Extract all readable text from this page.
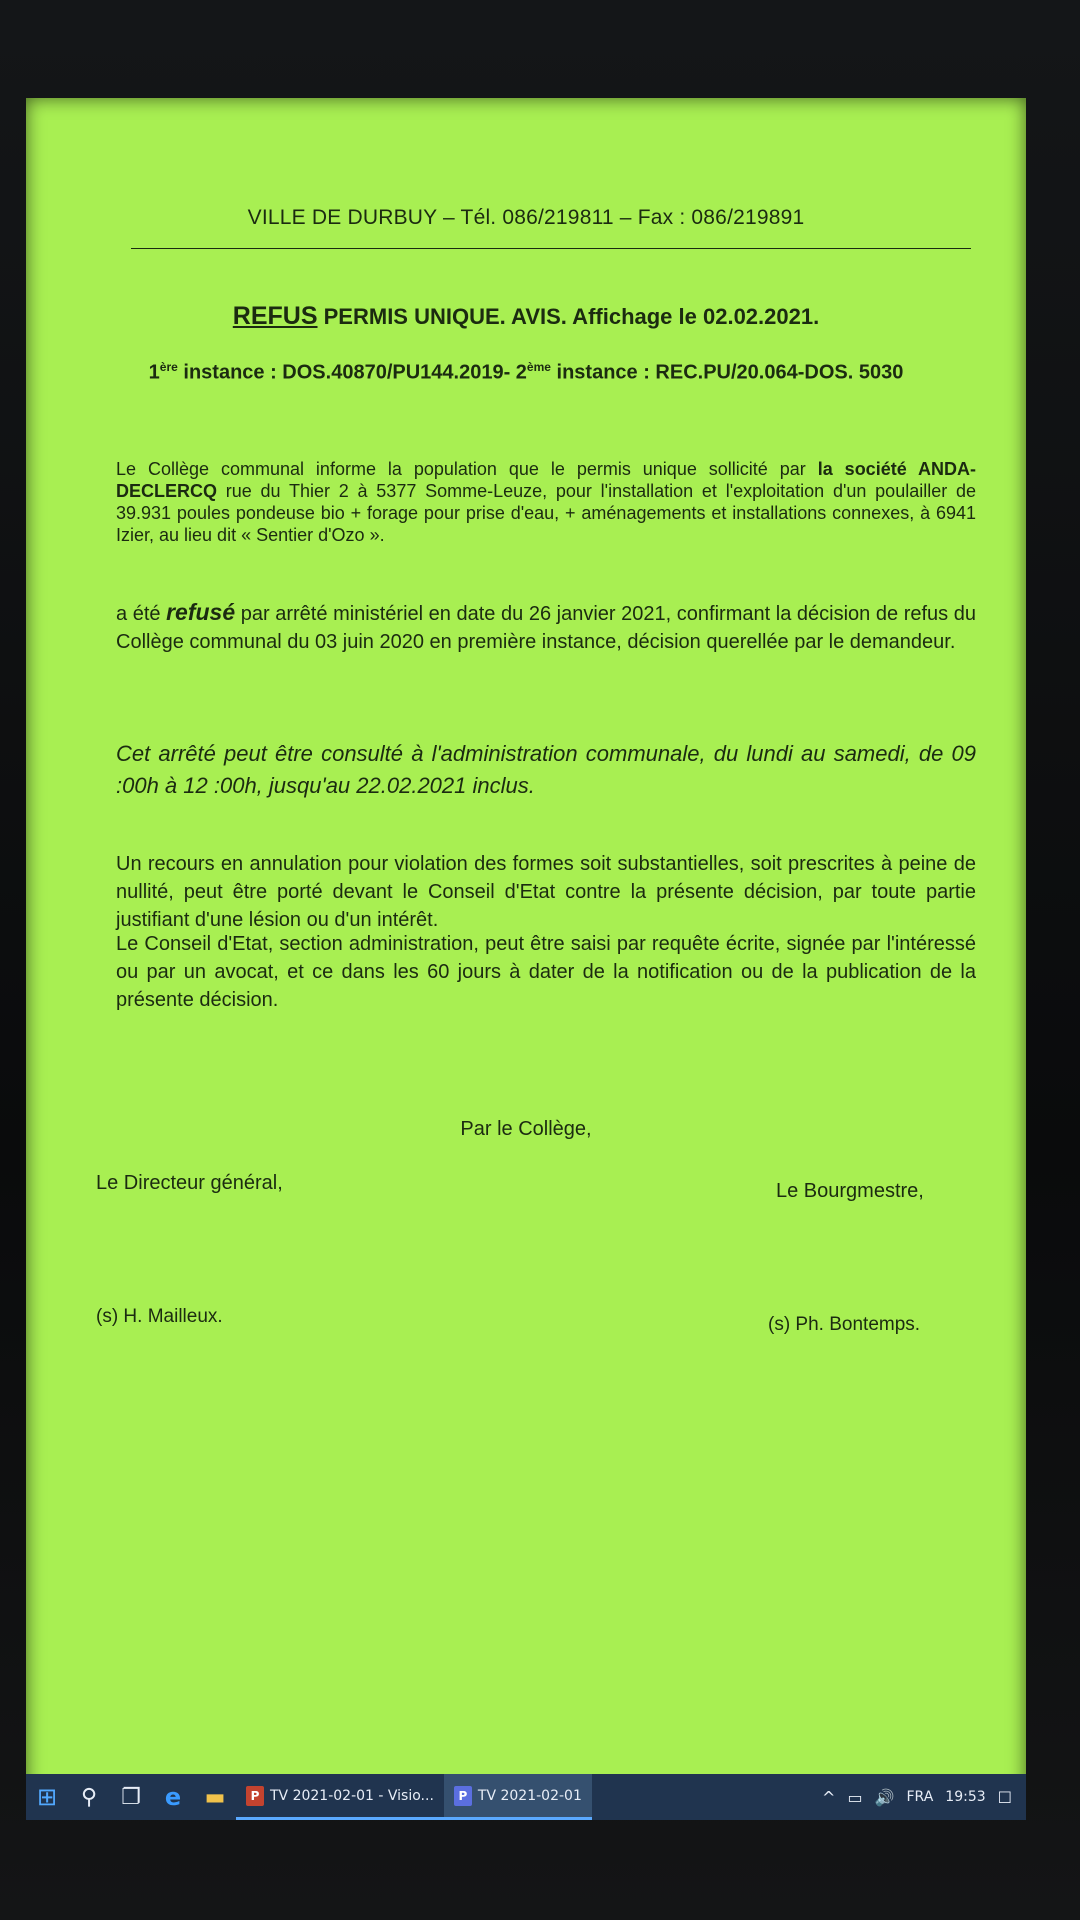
VILLE DE DURBUY – Tél. 086/219811 – Fax : 086/219891
REFUS PERMIS UNIQUE. AVIS. Affichage le 02.02.2021.
1ère instance : DOS.40870/PU144.2019- 2ème instance : REC.PU/20.064-DOS. 5030
Le Collège communal informe la population que le permis unique sollicité par la société ANDA-DECLERCQ rue du Thier 2 à 5377 Somme-Leuze, pour l'installation et l'exploitation d'un poulailler de 39.931 poules pondeuse bio + forage pour prise d'eau, + aménagements et installations connexes, à 6941 Izier, au lieu dit « Sentier d'Ozo ».
a été refusé par arrêté ministériel en date du 26 janvier 2021, confirmant la décision de refus du Collège communal du 03 juin 2020 en première instance, décision querellée par le demandeur.
Cet arrêté peut être consulté à l'administration communale, du lundi au samedi, de 09 :00h à 12 :00h, jusqu'au 22.02.2021 inclus.
Un recours en annulation pour violation des formes soit substantielles, soit prescrites à peine de nullité, peut être porté devant le Conseil d'Etat contre la présente décision, par toute partie justifiant d'une lésion ou d'un intérêt.
Le Conseil d'Etat, section administration, peut être saisi par requête écrite, signée par l'intéressé ou par un avocat, et ce dans les 60 jours à dater de la notification ou de la publication de la présente décision.
Par le Collège,
Le Directeur général,	Le Bourgmestre,
(s) H. Mailleux.	(s) Ph. Bontemps.
⊞	⚲	❐	e	▬	P TV 2021-02-01 - Visio...	P TV 2021-02-01	^ ▭ 🔊 FRA 19:53 ☐
